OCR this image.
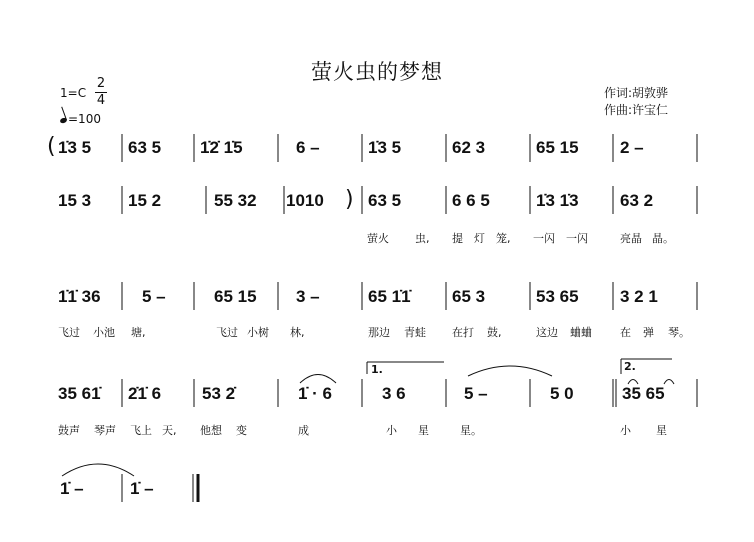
萤火虫的梦想
作词:胡敦骅
作曲:许宝仁
1=C
2
4
=100
1̇3 5 63 5 1̇2̇ 1̇5	6 –	1̇3 5	62 3	65 15 2 –
(
15 3 15 2	55 32 1010	63 5	6 6 5	1̇3 1̇3 63 2
)
萤火 虫, 提 灯 笼, 一闪 一闪	亮晶 晶。
1̇1̇ 36 5 –	65 15 3 –	65 1̇1̇ 65 3	53 65 3 2 1
飞过 小池 塘,	飞过 小树 林,	那边 青蛙 在打 鼓,	这边 蛐蛐	在 弹 琴。
35 61̇ 2̇1̇ 6 53 2̇	1̇ · 6	3 6	5 –	5 0	35 65
鼓声 琴声 飞上 天, 他想 变	成	小 星	星。	小 星
1.	2.
1̇ –	1̇ –
